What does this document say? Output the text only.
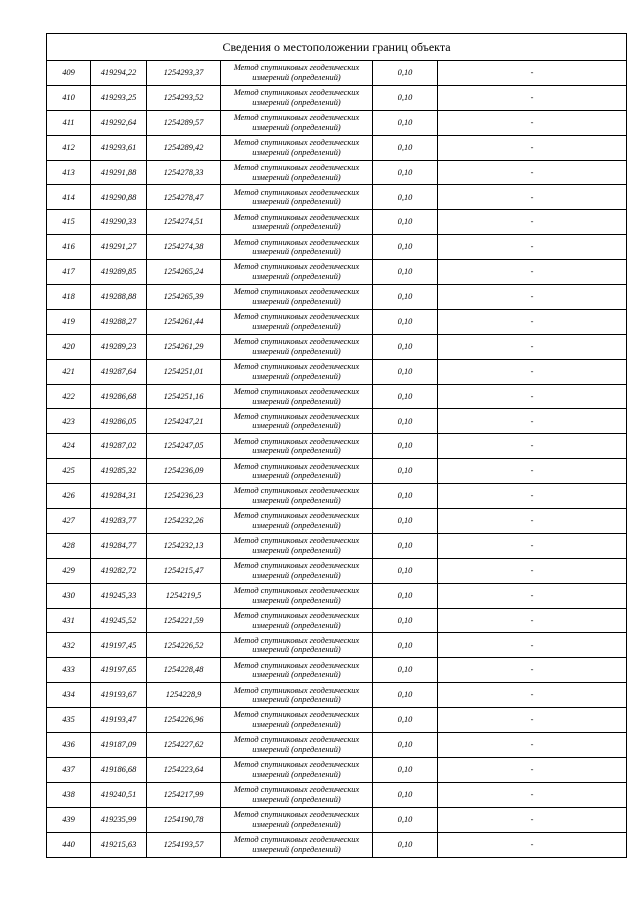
Сведения о местоположении границ объекта					
409	419294,22	1254293,37	Метод спутниковых геодезических измерений (определений)	0,10	-
410	419293,25	1254293,52	Метод спутниковых геодезических измерений (определений)	0,10	-
411	419292,64	1254289,57	Метод спутниковых геодезических измерений (определений)	0,10	-
412	419293,61	1254289,42	Метод спутниковых геодезических измерений (определений)	0,10	-
413	419291,88	1254278,33	Метод спутниковых геодезических измерений (определений)	0,10	-
414	419290,88	1254278,47	Метод спутниковых геодезических измерений (определений)	0,10	-
415	419290,33	1254274,51	Метод спутниковых геодезических измерений (определений)	0,10	-
416	419291,27	1254274,38	Метод спутниковых геодезических измерений (определений)	0,10	-
417	419289,85	1254265,24	Метод спутниковых геодезических измерений (определений)	0,10	-
418	419288,88	1254265,39	Метод спутниковых геодезических измерений (определений)	0,10	-
419	419288,27	1254261,44	Метод спутниковых геодезических измерений (определений)	0,10	-
420	419289,23	1254261,29	Метод спутниковых геодезических измерений (определений)	0,10	-
421	419287,64	1254251,01	Метод спутниковых геодезических измерений (определений)	0,10	-
422	419286,68	1254251,16	Метод спутниковых геодезических измерений (определений)	0,10	-
423	419286,05	1254247,21	Метод спутниковых геодезических измерений (определений)	0,10	-
424	419287,02	1254247,05	Метод спутниковых геодезических измерений (определений)	0,10	-
425	419285,32	1254236,09	Метод спутниковых геодезических измерений (определений)	0,10	-
426	419284,31	1254236,23	Метод спутниковых геодезических измерений (определений)	0,10	-
427	419283,77	1254232,26	Метод спутниковых геодезических измерений (определений)	0,10	-
428	419284,77	1254232,13	Метод спутниковых геодезических измерений (определений)	0,10	-
429	419282,72	1254215,47	Метод спутниковых геодезических измерений (определений)	0,10	-
430	419245,33	1254219,5	Метод спутниковых геодезических измерений (определений)	0,10	-
431	419245,52	1254221,59	Метод спутниковых геодезических измерений (определений)	0,10	-
432	419197,45	1254226,52	Метод спутниковых геодезических измерений (определений)	0,10	-
433	419197,65	1254228,48	Метод спутниковых геодезических измерений (определений)	0,10	-
434	419193,67	1254228,9	Метод спутниковых геодезических измерений (определений)	0,10	-
435	419193,47	1254226,96	Метод спутниковых геодезических измерений (определений)	0,10	-
436	419187,09	1254227,62	Метод спутниковых геодезических измерений (определений)	0,10	-
437	419186,68	1254223,64	Метод спутниковых геодезических измерений (определений)	0,10	-
438	419240,51	1254217,99	Метод спутниковых геодезических измерений (определений)	0,10	-
439	419235,99	1254190,78	Метод спутниковых геодезических измерений (определений)	0,10	-
440	419215,63	1254193,57	Метод спутниковых геодезических измерений (определений)	0,10	-
